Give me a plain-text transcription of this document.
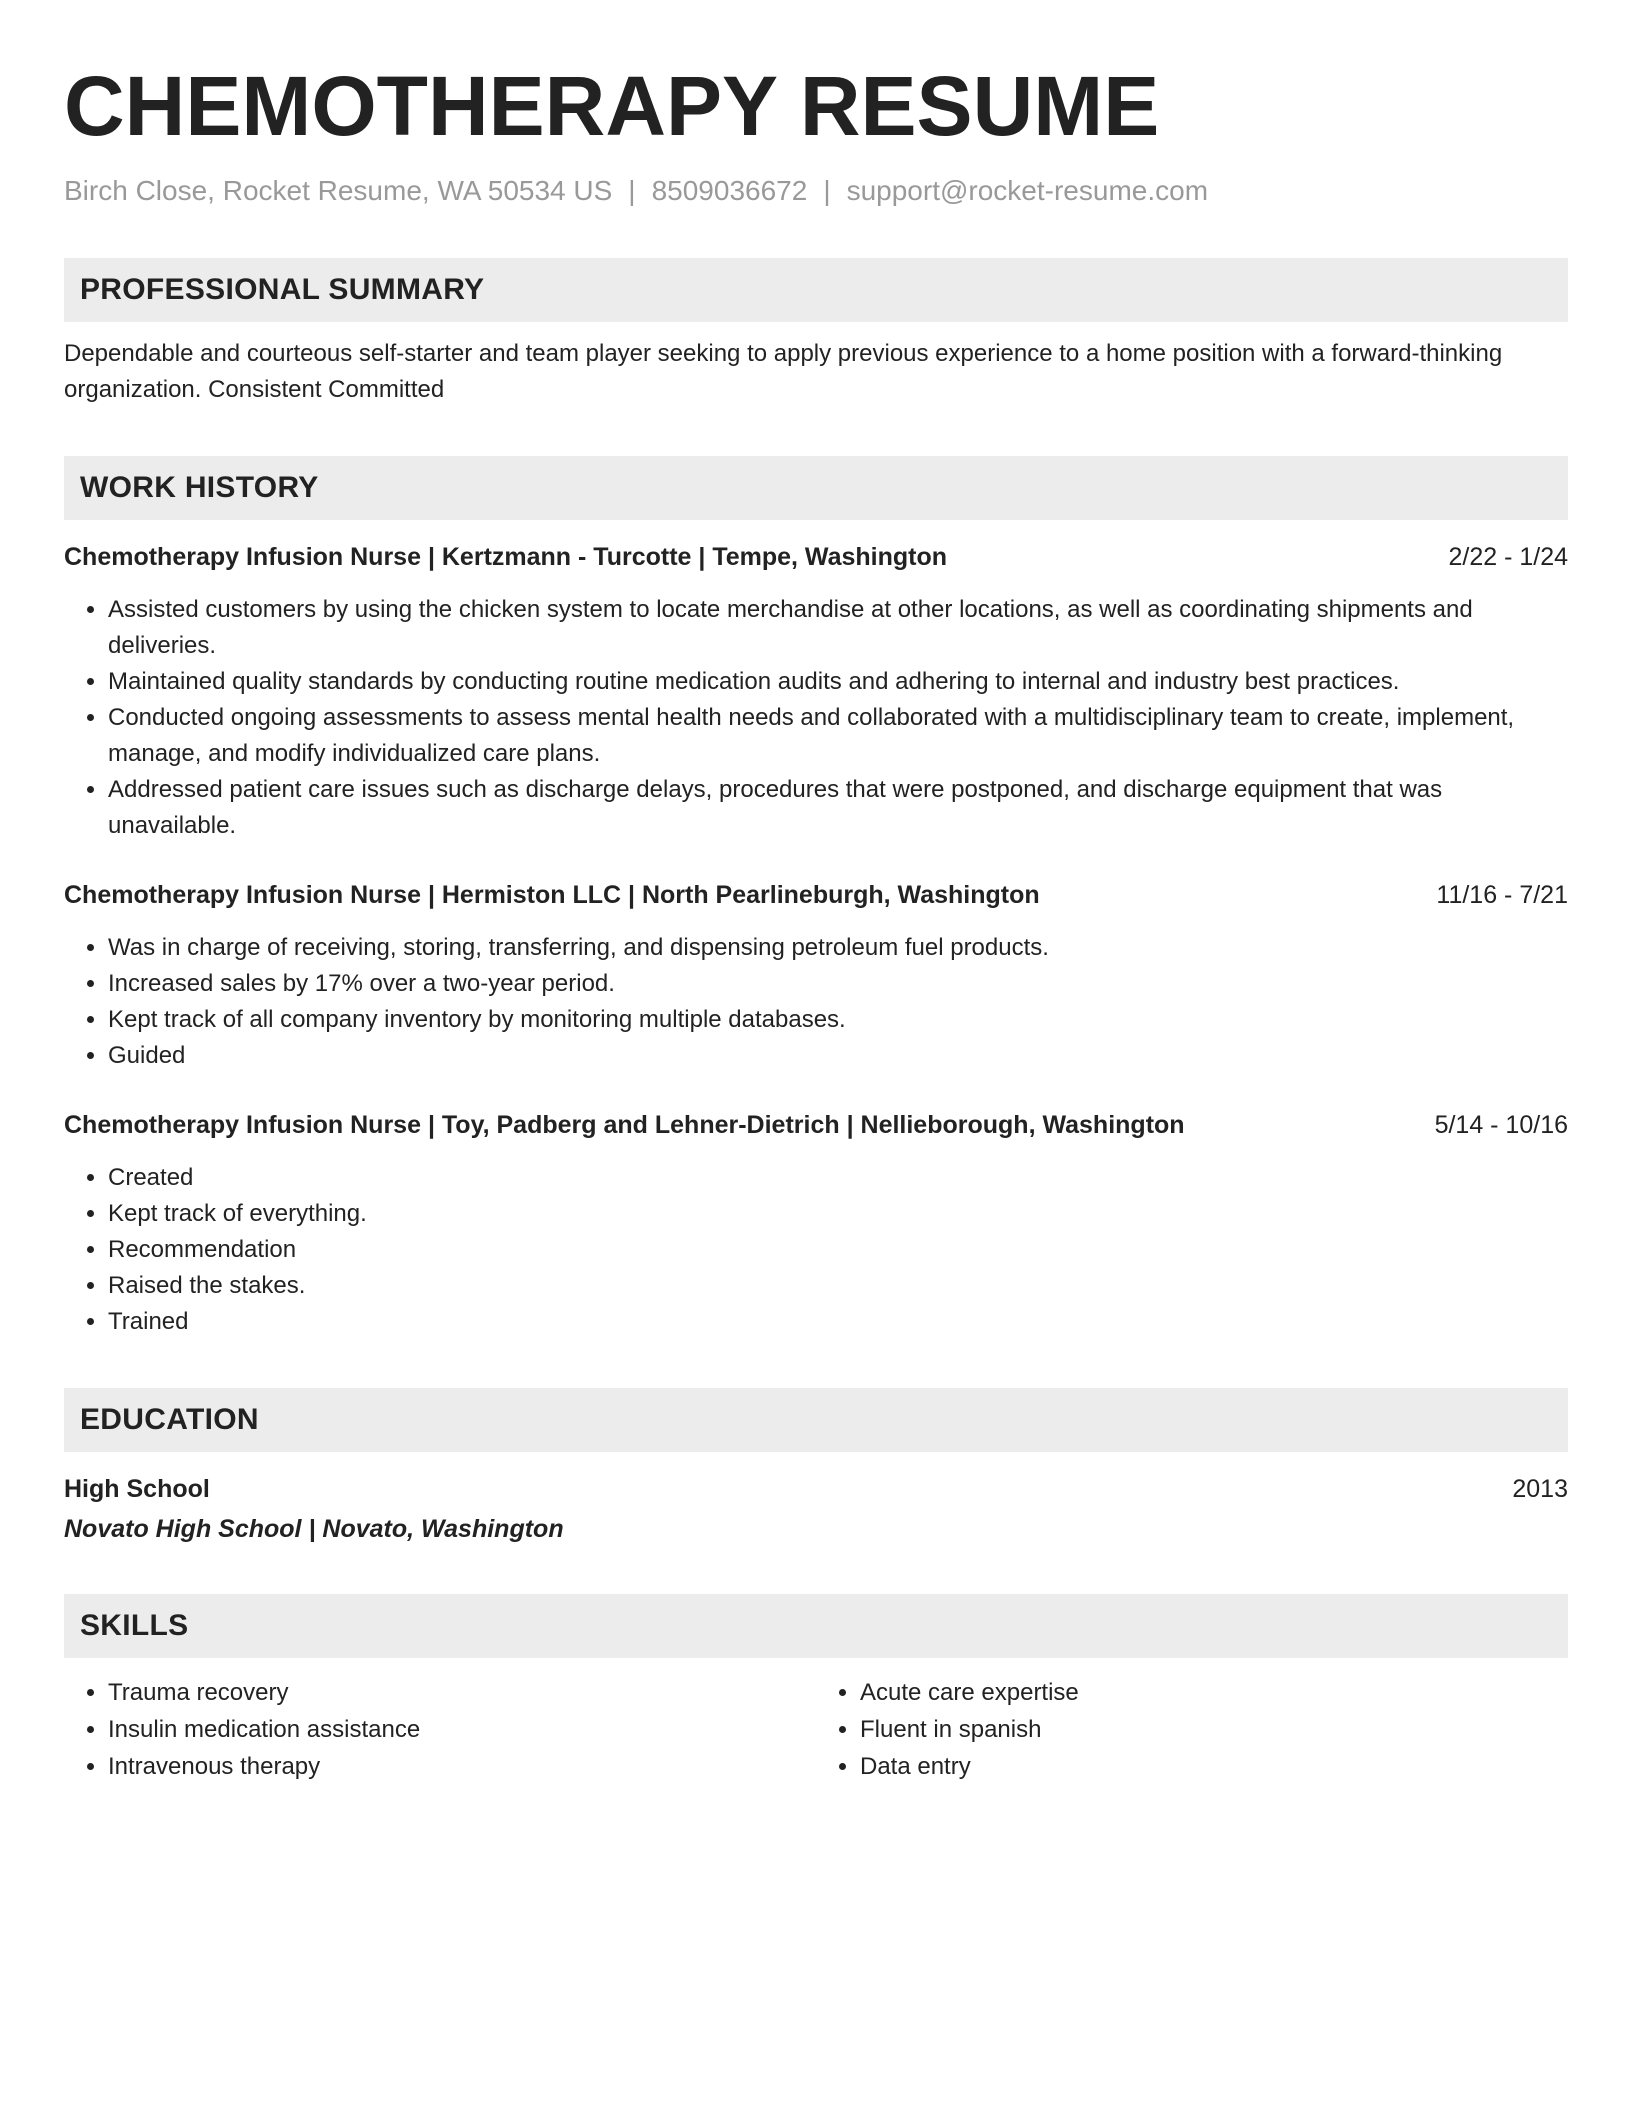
CHEMOTHERAPY RESUME
Birch Close, Rocket Resume, WA 50534 US | 8509036672 | support@rocket-resume.com
PROFESSIONAL SUMMARY
Dependable and courteous self-starter and team player seeking to apply previous experience to a home position with a forward-thinking organization. Consistent Committed
WORK HISTORY
Chemotherapy Infusion Nurse | Kertzmann - Turcotte | Tempe, Washington	2/22 - 1/24
• Assisted customers by using the chicken system to locate merchandise at other locations, as well as coordinating shipments and deliveries.
• Maintained quality standards by conducting routine medication audits and adhering to internal and industry best practices.
• Conducted ongoing assessments to assess mental health needs and collaborated with a multidisciplinary team to create, implement, manage, and modify individualized care plans.
• Addressed patient care issues such as discharge delays, procedures that were postponed, and discharge equipment that was unavailable.
Chemotherapy Infusion Nurse | Hermiston LLC | North Pearlineburgh, Washington	11/16 - 7/21
• Was in charge of receiving, storing, transferring, and dispensing petroleum fuel products.
• Increased sales by 17% over a two-year period.
• Kept track of all company inventory by monitoring multiple databases.
• Guided
Chemotherapy Infusion Nurse | Toy, Padberg and Lehner-Dietrich | Nellieborough, Washington	5/14 - 10/16
• Created
• Kept track of everything.
• Recommendation
• Raised the stakes.
• Trained
EDUCATION
High School	2013
Novato High School | Novato, Washington
SKILLS
• Trauma recovery
• Insulin medication assistance
• Intravenous therapy
• Acute care expertise
• Fluent in spanish
• Data entry
